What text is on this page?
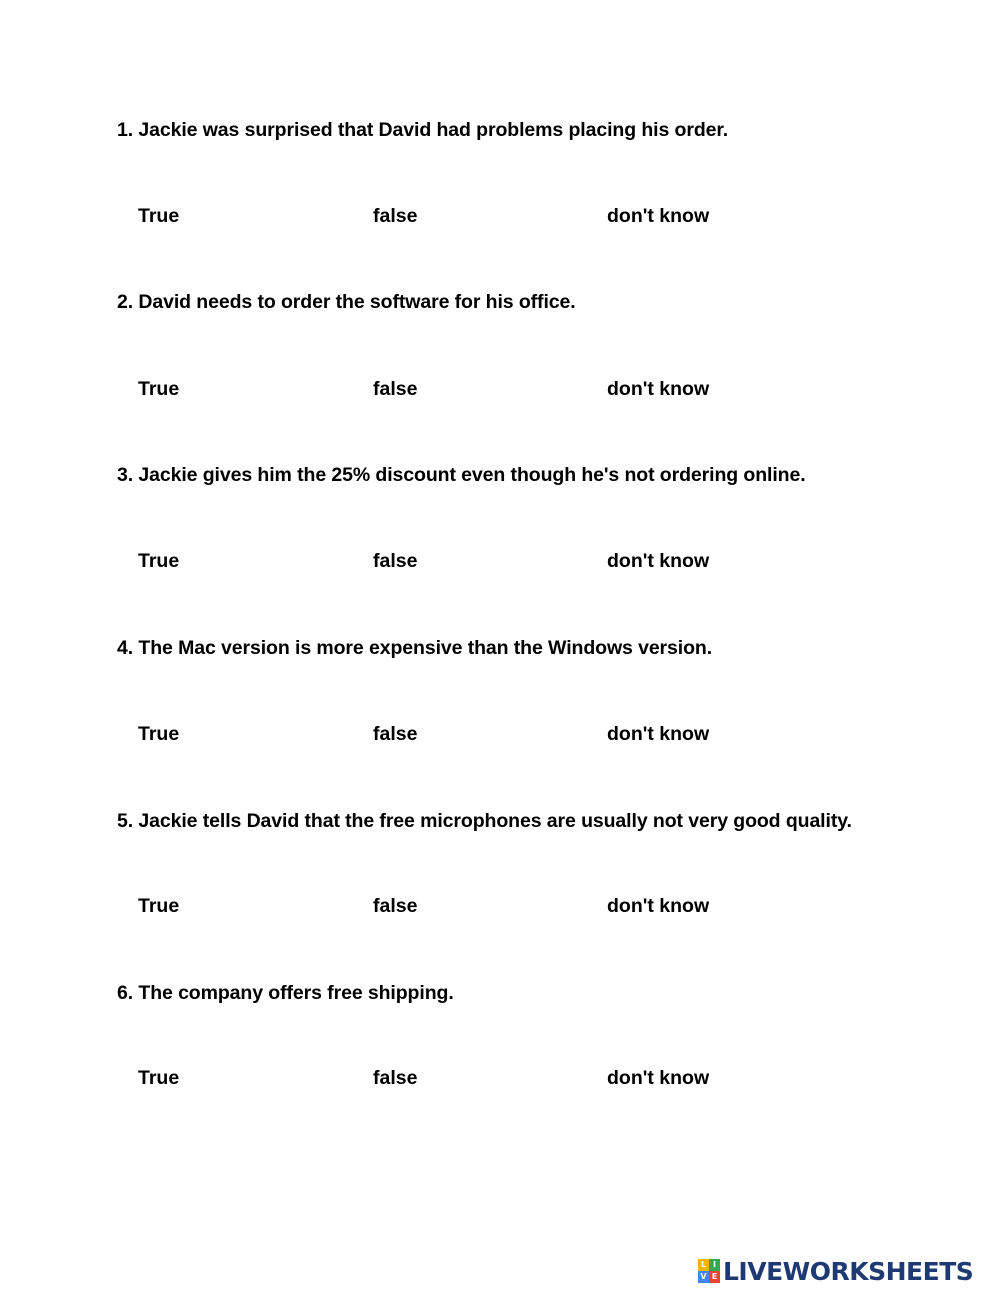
1. Jackie was surprised that David had problems placing his order.
True	false	don't know
2. David needs to order the software for his office.
True	false	don't know
3. Jackie gives him the 25% discount even though he's not ordering online.
True	false	don't know
4. The Mac version is more expensive than the Windows version.
True	false	don't know
5. Jackie tells David that the free microphones are usually not very good quality.
True	false	don't know
6. The company offers free shipping.
True	false	don't know
L I
V E LIVEWORKSHEETS
